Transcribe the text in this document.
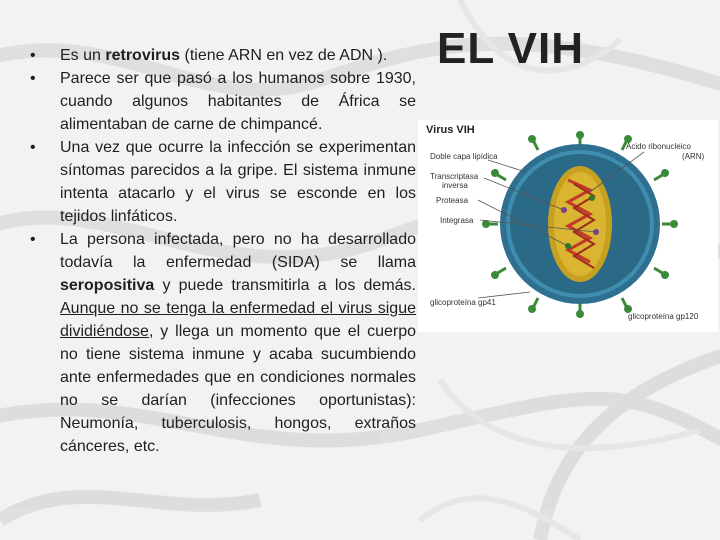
EL VIH
• Es un retrovirus (tiene ARN en vez de ADN ).
• Parece ser que pasó a los humanos sobre 1930, cuando algunos habitantes de África se alimentaban de carne de chimpancé.
• Una vez que ocurre la infección se experimentan síntomas parecidos a la gripe. El sistema inmune intenta atacarlo y el virus se esconde en los tejidos linfáticos.
• La persona infectada, pero no ha desarrollado todavía la enfermedad (SIDA) se llama seropositiva y puede transmitirla a los demás. Aunque no se tenga la enfermedad el virus sigue dividiéndose, y llega un momento que el cuerpo no tiene sistema inmune y acaba sucumbiendo ante enfermedades que en condiciones normales no se darían (infecciones oportunistas): Neumonía, tuberculosis, hongos, extraños cánceres, etc.
Virus VIH
Doble capa lipídica
Transcriptasa
inversa
Proteasa
Integrasa
Ácido ribonucleico
(ARN)
glicoproteína gp41
glicoproteína gp120
